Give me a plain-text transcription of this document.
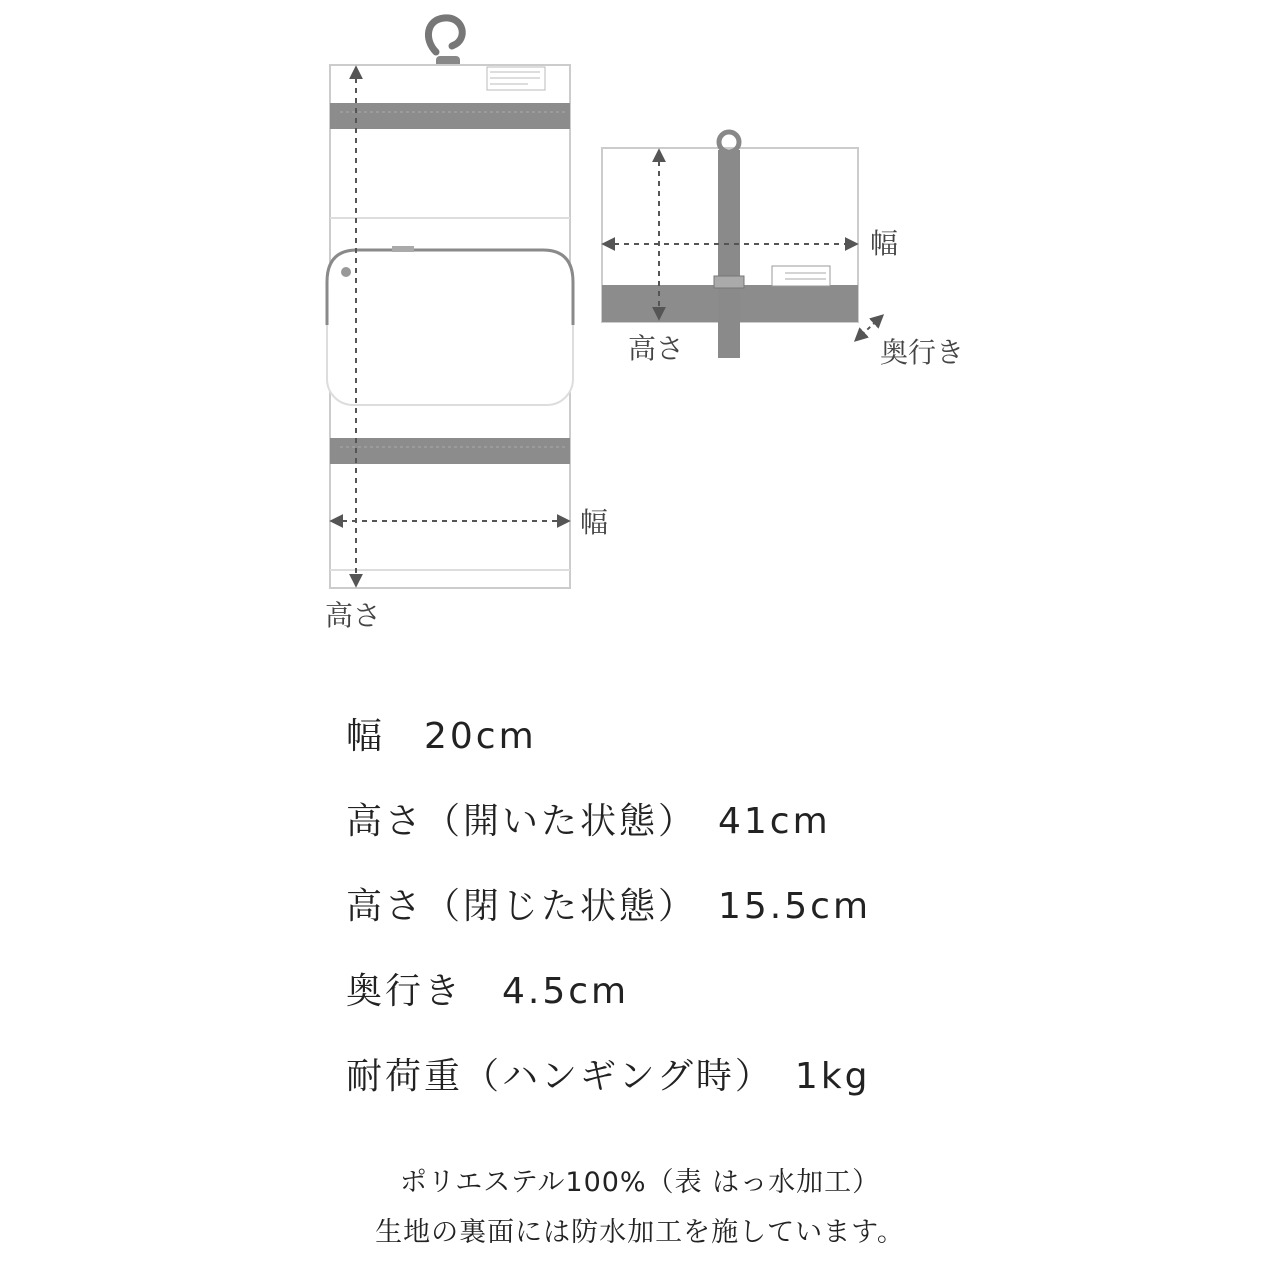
幅
高さ
幅
高さ	奥行き
幅　20cm
高さ（開いた状態）　41cm
高さ（閉じた状態）　15.5cm
奥行き　4.5cm
耐荷重（ハンギング時）　1kg
ポリエステル100%（表 はっ水加工）
生地の裏面には防水加工を施しています。
